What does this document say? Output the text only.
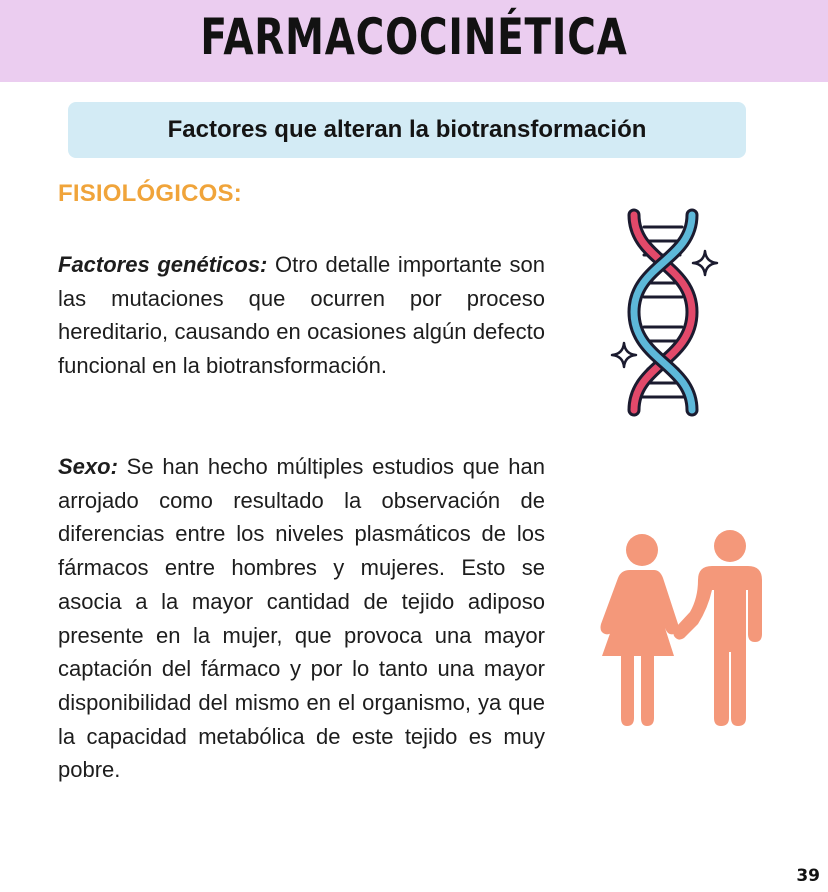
FARMACOCINÉTICA
Factores que alteran la biotransformación
FISIOLÓGICOS:
Factores genéticos: Otro detalle importante son las mutaciones que ocurren por proceso hereditario, causando en ocasiones algún defecto funcional en la biotransformación.
Sexo: Se han hecho múltiples estudios que han arrojado como resultado la observación de diferencias entre los niveles plasmáticos de los fármacos entre hombres y mujeres. Esto se asocia a la mayor cantidad de tejido adiposo presente en la mujer, que provoca una mayor captación del fármaco y por lo tanto una mayor disponibilidad del mismo en el organismo, ya que la capacidad metabólica de este tejido es muy pobre.
39
